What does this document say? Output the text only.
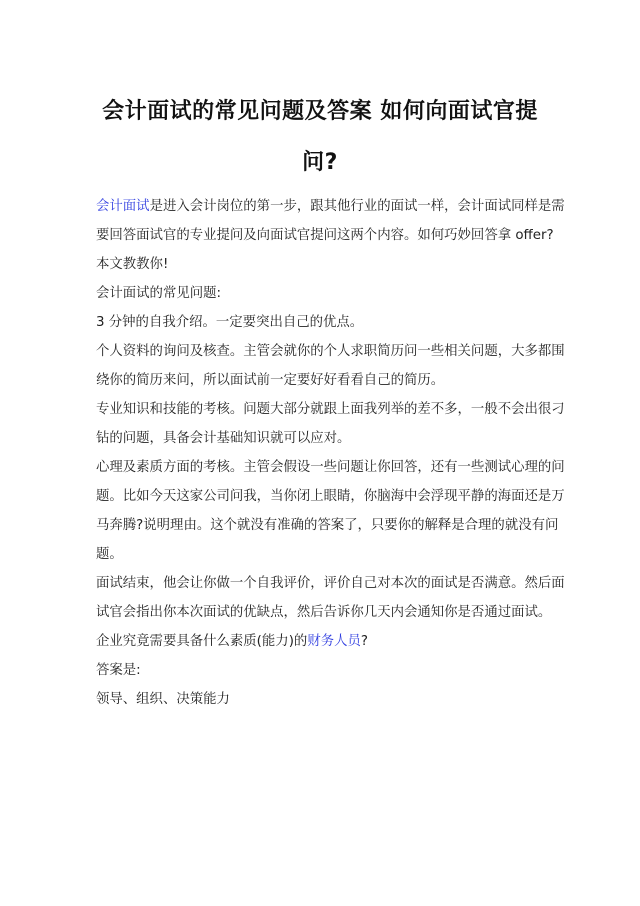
会计面试的常见问题及答案 如何向面试官提
问?
会计面试是进入会计岗位的第一步，跟其他行业的面试一样，会计面试同样是需
要回答面试官的专业提问及向面试官提问这两个内容。如何巧妙回答拿 offer?
本文教教你!
会计面试的常见问题:
3 分钟的自我介绍。一定要突出自己的优点。
个人资料的询问及核查。主管会就你的个人求职简历问一些相关问题，大多都围
绕你的简历来问，所以面试前一定要好好看看自己的简历。
专业知识和技能的考核。问题大部分就跟上面我列举的差不多，一般不会出很刁
钻的问题，具备会计基础知识就可以应对。
心理及素质方面的考核。主管会假设一些问题让你回答，还有一些测试心理的问
题。比如今天这家公司问我，当你闭上眼睛，你脑海中会浮现平静的海面还是万
马奔腾?说明理由。这个就没有准确的答案了，只要你的解释是合理的就没有问
题。
面试结束，他会让你做一个自我评价，评价自己对本次的面试是否满意。然后面
试官会指出你本次面试的优缺点，然后告诉你几天内会通知你是否通过面试。
企业究竟需要具备什么素质(能力)的财务人员?
答案是:
领导、组织、决策能力
